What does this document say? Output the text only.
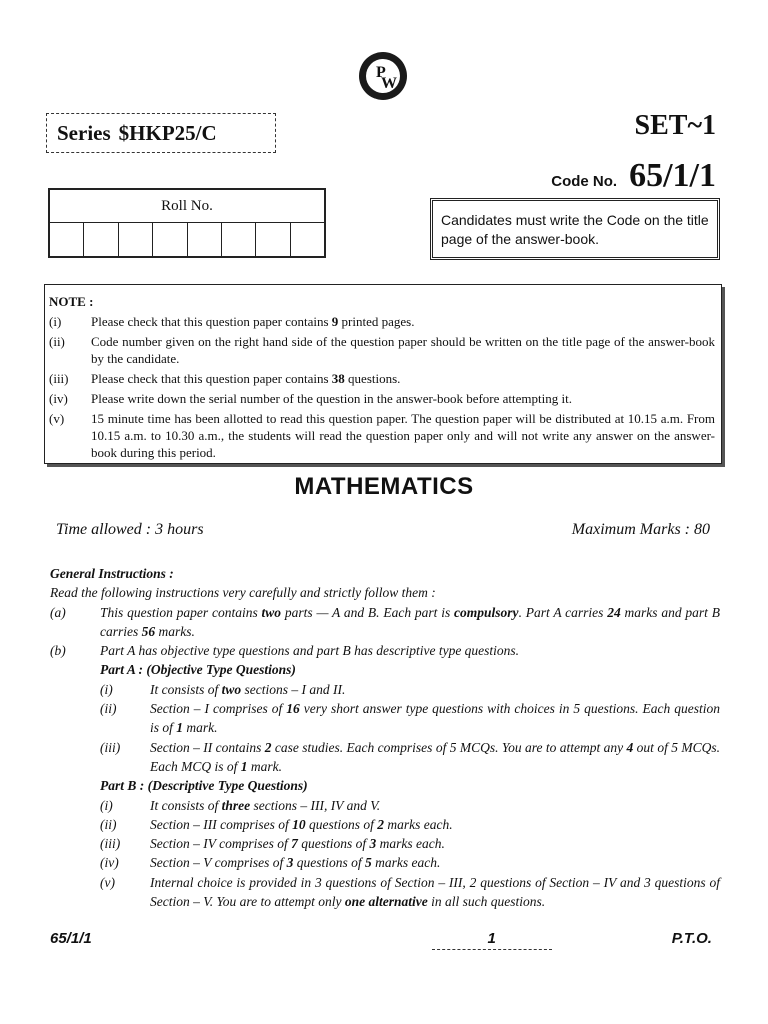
P
W
Series $HKP25/C	SET~1
Code No. 65/1/1
Roll No.
Candidates must write the Code on the title page of the answer-book.
NOTE :
(i)	Please check that this question paper contains 9 printed pages.
(ii)	Code number given on the right hand side of the question paper should be written on the title page of the answer-book by the candidate.
(iii)	Please check that this question paper contains 38 questions.
(iv)	Please write down the serial number of the question in the answer-book before attempting it.
(v)	15 minute time has been allotted to read this question paper. The question paper will be distributed at 10.15 a.m. From 10.15 a.m. to 10.30 a.m., the students will read the question paper only and will not write any answer on the answer-book during this period.
MATHEMATICS
Time allowed : 3 hours	Maximum Marks : 80
General Instructions :
Read the following instructions very carefully and strictly follow them :
(a)	This question paper contains two parts — A and B. Each part is compulsory. Part A carries 24 marks and part B carries 56 marks.
(b)	Part A has objective type questions and part B has descriptive type questions.
Part A : (Objective Type Questions)
(i)	It consists of two sections – I and II.
(ii)	Section – I comprises of 16 very short answer type questions with choices in 5 questions. Each question is of 1 mark.
(iii)	Section – II contains 2 case studies. Each comprises of 5 MCQs. You are to attempt any 4 out of 5 MCQs. Each MCQ is of 1 mark.
Part B : (Descriptive Type Questions)
(i)	It consists of three sections – III, IV and V.
(ii)	Section – III comprises of 10 questions of 2 marks each.
(iii)	Section – IV comprises of 7 questions of 3 marks each.
(iv)	Section – V comprises of 3 questions of 5 marks each.
(v)	Internal choice is provided in 3 questions of Section – III, 2 questions of Section – IV and 3 questions of Section – V. You are to attempt only one alternative in all such questions.
65/1/1	1	P.T.O.
